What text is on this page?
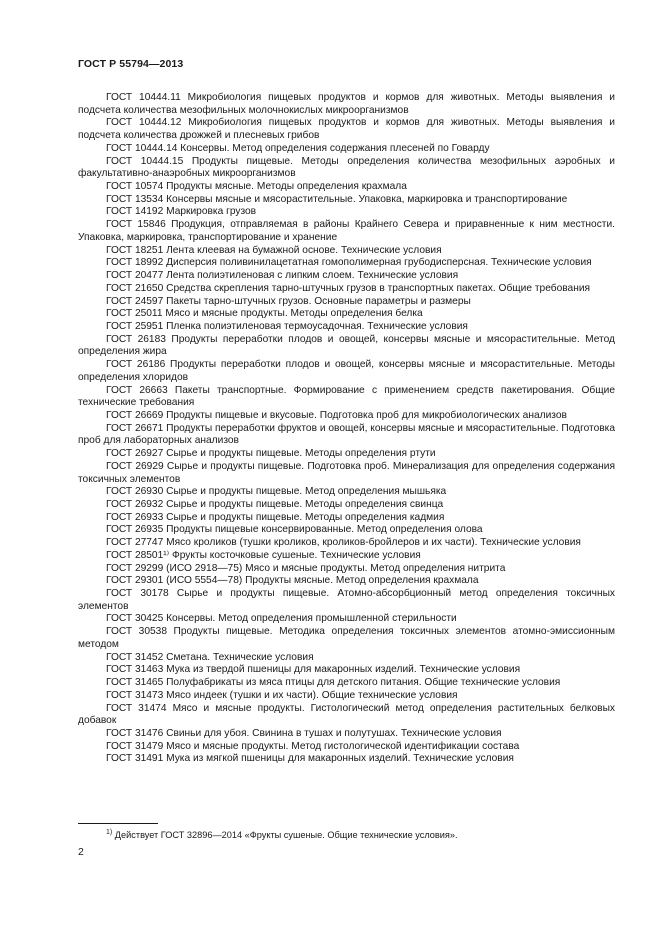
ГОСТ Р 55794—2013

ГОСТ 10444.11 Микробиология пищевых продуктов и кормов для животных. Методы выявления и подсчета количества мезофильных молочнокислых микроорганизмов

ГОСТ 10444.12 Микробиология пищевых продуктов и кормов для животных. Методы выявления и подсчета количества дрожжей и плесневых грибов

ГОСТ 10444.14 Консервы. Метод определения содержания плесеней по Говарду

ГОСТ 10444.15 Продукты пищевые. Методы определения количества мезофильных аэробных и факультативно-анаэробных микроорганизмов

ГОСТ 10574 Продукты мясные. Методы определения крахмала

ГОСТ 13534 Консервы мясные и мясорастительные. Упаковка, маркировка и транспортирование

ГОСТ 14192 Маркировка грузов

ГОСТ 15846 Продукция, отправляемая в районы Крайнего Севера и приравненные к ним местности. Упаковка, маркировка, транспортирование и хранение

ГОСТ 18251 Лента клеевая на бумажной основе. Технические условия

ГОСТ 18992 Дисперсия поливинилацетатная гомополимерная грубодисперсная. Технические условия

ГОСТ 20477 Лента полиэтиленовая с липким слоем. Технические условия

ГОСТ 21650 Средства скрепления тарно-штучных грузов в транспортных пакетах. Общие требования

ГОСТ 24597 Пакеты тарно-штучных грузов. Основные параметры и размеры

ГОСТ 25011 Мясо и мясные продукты. Методы определения белка

ГОСТ 25951 Пленка полиэтиленовая термоусадочная. Технические условия

ГОСТ 26183 Продукты переработки плодов и овощей, консервы мясные и мясорастительные. Метод определения жира

ГОСТ 26186 Продукты переработки плодов и овощей, консервы мясные и мясорастительные. Методы определения хлоридов

ГОСТ 26663 Пакеты транспортные. Формирование с применением средств пакетирования. Общие технические требования

ГОСТ 26669 Продукты пищевые и вкусовые. Подготовка проб для микробиологических анализов

ГОСТ 26671 Продукты переработки фруктов и овощей, консервы мясные и мясорастительные. Подготовка проб для лабораторных анализов

ГОСТ 26927 Сырье и продукты пищевые. Методы определения ртути

ГОСТ 26929 Сырье и продукты пищевые. Подготовка проб. Минерализация для определения содержания токсичных элементов

ГОСТ 26930 Сырье и продукты пищевые. Метод определения мышьяка

ГОСТ 26932 Сырье и продукты пищевые. Методы определения свинца

ГОСТ 26933 Сырье и продукты пищевые. Методы определения кадмия

ГОСТ 26935 Продукты пищевые консервированные. Метод определения олова

ГОСТ 27747 Мясо кроликов (тушки кроликов, кроликов-бройлеров и их части). Технические условия

ГОСТ 28501¹⁾ Фрукты косточковые сушеные. Технические условия

ГОСТ 29299 (ИСО 2918—75) Мясо и мясные продукты. Метод определения нитрита

ГОСТ 29301 (ИСО 5554—78) Продукты мясные. Метод определения крахмала

ГОСТ 30178 Сырье и продукты пищевые. Атомно-абсорбционный метод определения токсичных элементов

ГОСТ 30425 Консервы. Метод определения промышленной стерильности

ГОСТ 30538 Продукты пищевые. Методика определения токсичных элементов атомно-эмиссионным методом

ГОСТ 31452 Сметана. Технические условия

ГОСТ 31463 Мука из твердой пшеницы для макаронных изделий. Технические условия

ГОСТ 31465 Полуфабрикаты из мяса птицы для детского питания. Общие технические условия

ГОСТ 31473 Мясо индеек (тушки и их части). Общие технические условия

ГОСТ 31474 Мясо и мясные продукты. Гистологический метод определения растительных белковых добавок

ГОСТ 31476 Свиньи для убоя. Свинина в тушах и полутушах. Технические условия

ГОСТ 31479 Мясо и мясные продукты. Метод гистологической идентификации состава

ГОСТ 31491 Мука из мягкой пшеницы для макаронных изделий. Технические условия

$^{1)}$ Действует ГОСТ 32896—2014 «Фрукты сушеные. Общие технические условия».
2
